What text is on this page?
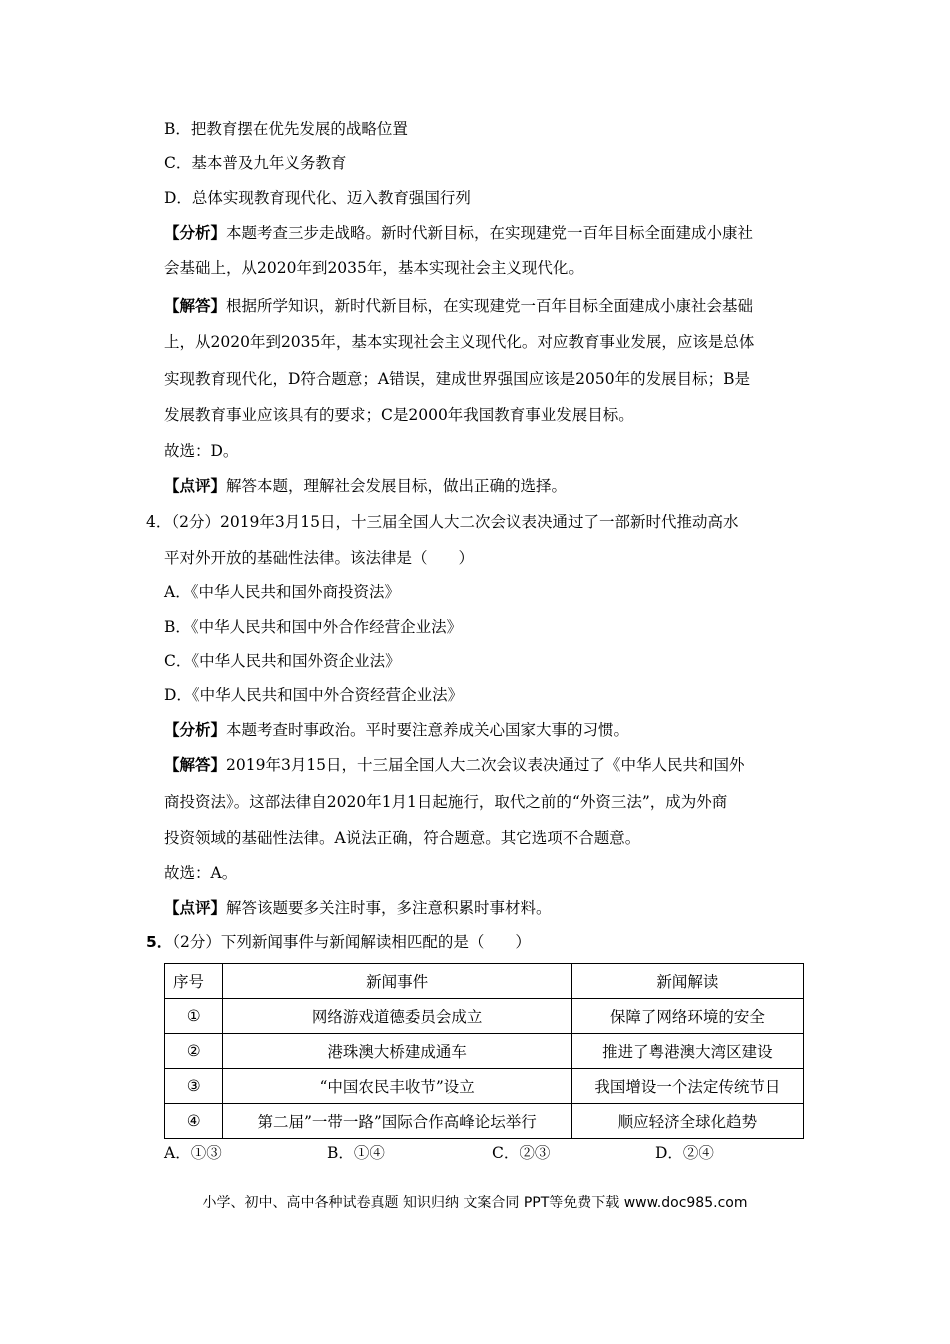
B．把教育摆在优先发展的战略位置
C．基本普及九年义务教育
D．总体实现教育现代化、迈入教育强国行列
【分析】本题考查三步走战略。新时代新目标，在实现建党一百年目标全面建成小康社
会基础上，从2020年到2035年，基本实现社会主义现代化。
【解答】根据所学知识，新时代新目标，在实现建党一百年目标全面建成小康社会基础
上，从2020年到2035年，基本实现社会主义现代化。对应教育事业发展，应该是总体
实现教育现代化，D符合题意；A错误，建成世界强国应该是2050年的发展目标；B是
发展教育事业应该具有的要求；C是2000年我国教育事业发展目标。
故选：D。
【点评】解答本题，理解社会发展目标，做出正确的选择。
4．（2分）2019年3月15日，十三届全国人大二次会议表决通过了一部新时代推动高水
平对外开放的基础性法律。该法律是（　　）
A．《中华人民共和国外商投资法》
B．《中华人民共和国中外合作经营企业法》
C．《中华人民共和国外资企业法》
D．《中华人民共和国中外合资经营企业法》
【分析】本题考查时事政治。平时要注意养成关心国家大事的习惯。
【解答】2019年3月15日，十三届全国人大二次会议表决通过了《中华人民共和国外
商投资法》。这部法律自2020年1月1日起施行，取代之前的“外资三法”，成为外商
投资领域的基础性法律。A说法正确，符合题意。其它选项不合题意。
故选：A。
【点评】解答该题要多关注时事，多注意积累时事材料。
5．（2分）下列新闻事件与新闻解读相匹配的是（　　）
序号	新闻事件	新闻解读
①	网络游戏道德委员会成立	保障了网络环境的安全
②	港珠澳大桥建成通车	推进了粤港澳大湾区建设
③	“中国农民丰收节”设立	我国增设一个法定传统节日
④	第二届”一带一路”国际合作高峰论坛举行	顺应轻济全球化趋势
A．①③	B．①④	C．②③	D．②④
小学、初中、高中各种试卷真题 知识归纳 文案合同 PPT等免费下载 www.doc985.com
